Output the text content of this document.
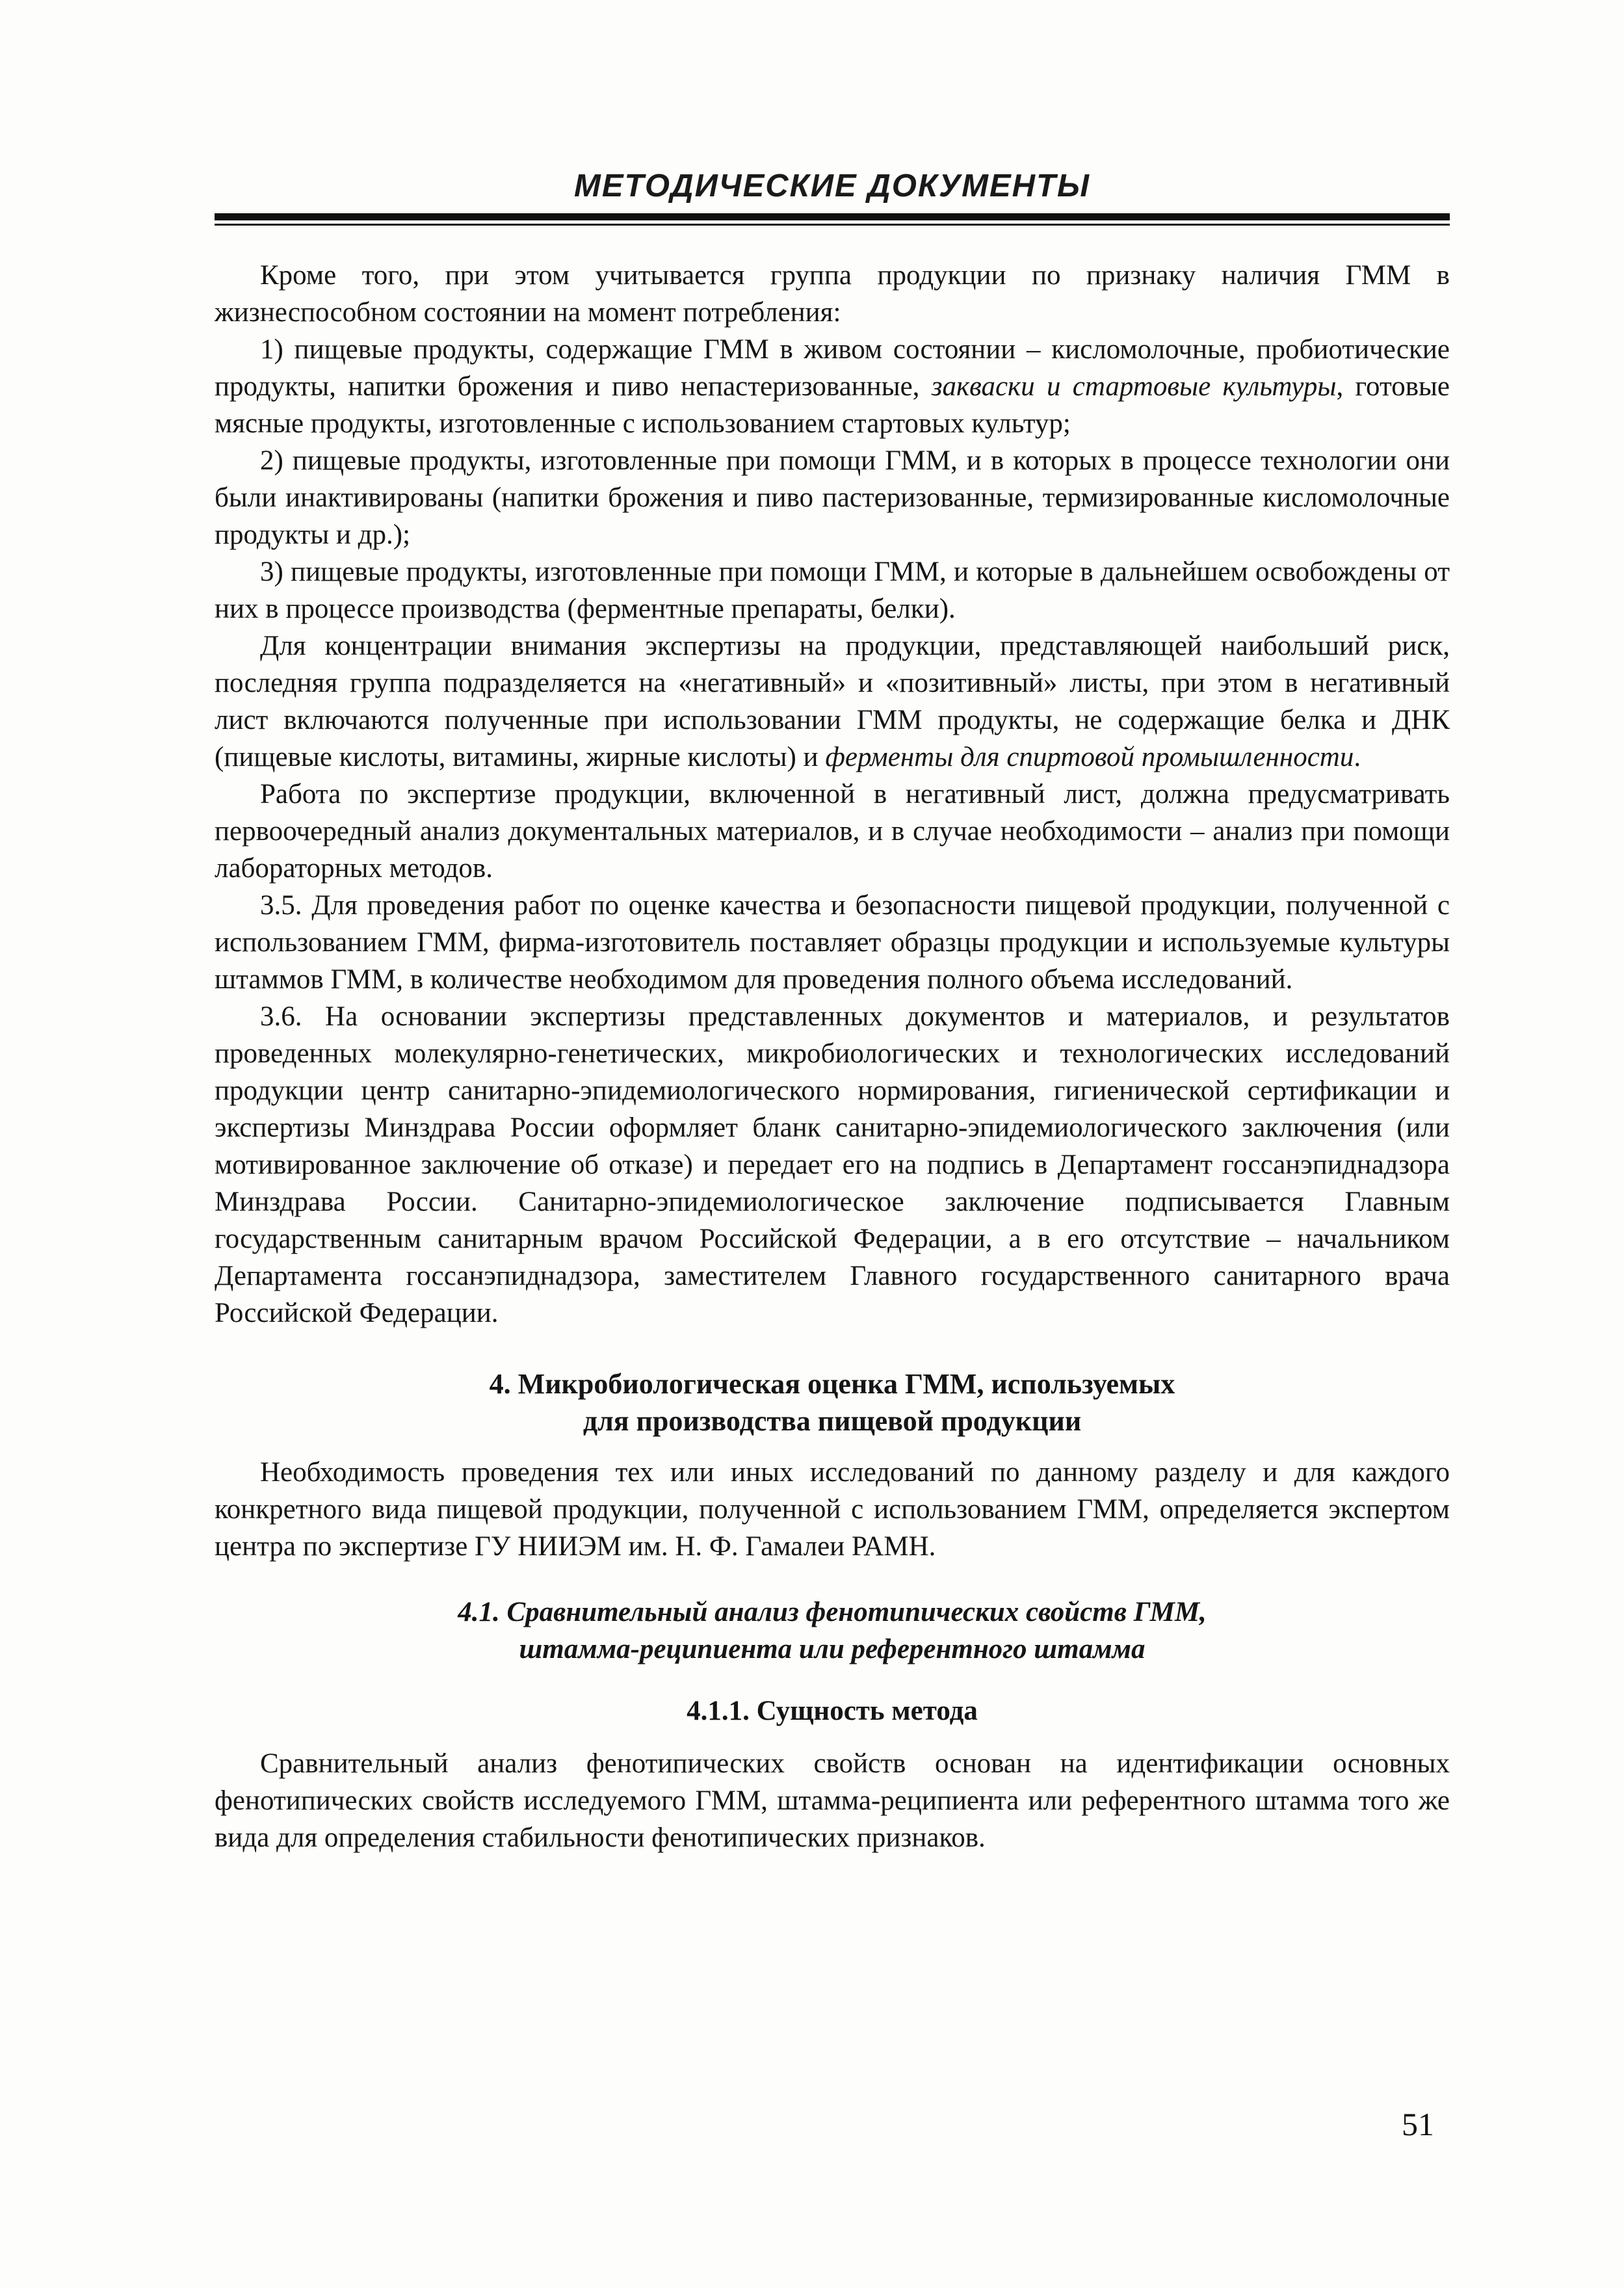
МЕТОДИЧЕСКИЕ ДОКУМЕНТЫ

Кроме того, при этом учитывается группа продукции по признаку наличия ГММ в жизнеспособном состоянии на момент потребления:

1) пищевые продукты, содержащие ГММ в живом состоянии – кисломолочные, пробиотические продукты, напитки брожения и пиво непастеризованные, закваски и стартовые культуры, готовые мясные продукты, изготовленные с использованием стартовых культур;

2) пищевые продукты, изготовленные при помощи ГММ, и в которых в процессе технологии они были инактивированы (напитки брожения и пиво пастеризованные, термизированные кисломолочные продукты и др.);

3) пищевые продукты, изготовленные при помощи ГММ, и которые в дальнейшем освобождены от них в процессе производства (ферментные препараты, белки).

Для концентрации внимания экспертизы на продукции, представляющей наибольший риск, последняя группа подразделяется на «негативный» и «позитивный» листы, при этом в негативный лист включаются полученные при использовании ГММ продукты, не содержащие белка и ДНК (пищевые кислоты, витамины, жирные кислоты) и ферменты для спиртовой промышленности.

Работа по экспертизе продукции, включенной в негативный лист, должна предусматривать первоочередный анализ документальных материалов, и в случае необходимости – анализ при помощи лабораторных методов.

3.5. Для проведения работ по оценке качества и безопасности пищевой продукции, полученной с использованием ГММ, фирма-изготовитель поставляет образцы продукции и используемые культуры штаммов ГММ, в количестве необходимом для проведения полного объема исследований.

3.6. На основании экспертизы представленных документов и материалов, и результатов проведенных молекулярно-генетических, микробиологических и технологических исследований продукции центр санитарно-эпидемиологического нормирования, гигиенической сертификации и экспертизы Минздрава России оформляет бланк санитарно-эпидемиологического заключения (или мотивированное заключение об отказе) и передает его на подпись в Департамент госсанэпиднадзора Минздрава России. Санитарно-эпидемиологическое заключение подписывается Главным государственным санитарным врачом Российской Федерации, а в его отсутствие – начальником Департамента госсанэпиднадзора, заместителем Главного государственного санитарного врача Российской Федерации.

4. Микробиологическая оценка ГММ, используемых
для производства пищевой продукции

Необходимость проведения тех или иных исследований по данному разделу и для каждого конкретного вида пищевой продукции, полученной с использованием ГММ, определяется экспертом центра по экспертизе ГУ НИИЭМ им. Н. Ф. Гамалеи РАМН.

4.1. Сравнительный анализ фенотипических свойств ГММ,
штамма-реципиента или референтного штамма
4.1.1. Сущность метода

Сравнительный анализ фенотипических свойств основан на идентификации основных фенотипических свойств исследуемого ГММ, штамма-реципиента или референтного штамма того же вида для определения стабильности фенотипических признаков.

51
